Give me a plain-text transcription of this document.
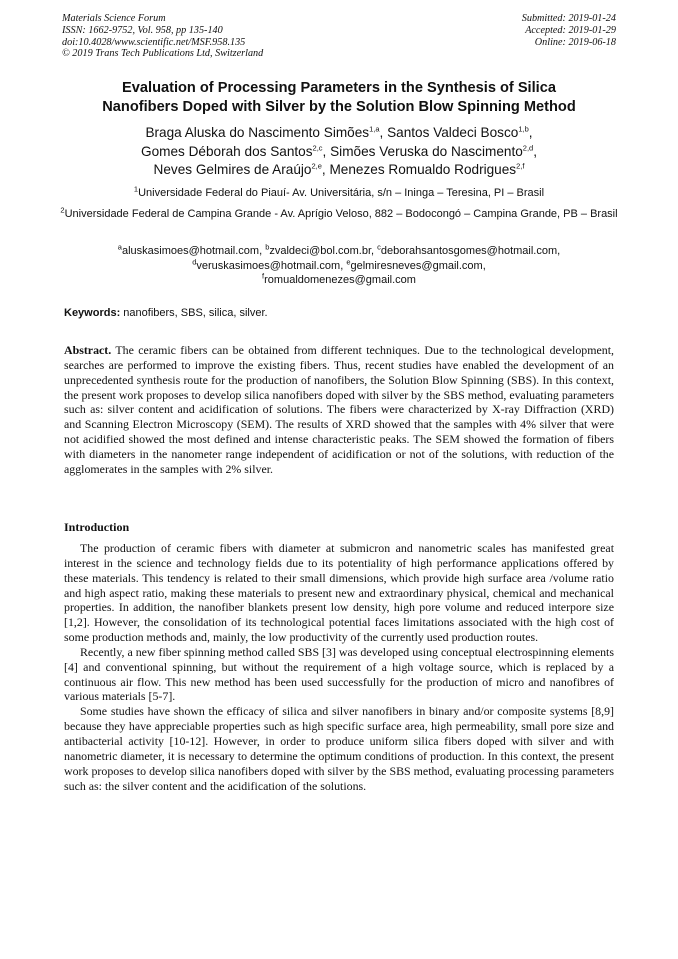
Materials Science Forum
ISSN: 1662-9752, Vol. 958, pp 135-140
doi:10.4028/www.scientific.net/MSF.958.135
© 2019 Trans Tech Publications Ltd, Switzerland
Submitted: 2019-01-24
Accepted: 2019-01-29
Online: 2019-06-18
Evaluation of Processing Parameters in the Synthesis of Silica
Nanofibers Doped with Silver by the Solution Blow Spinning Method
Braga Aluska do Nascimento Simões$^{1,a}$, Santos Valdeci Bosco$^{1,b}$,
Gomes Déborah dos Santos$^{2,c}$, Simões Veruska do Nascimento$^{2,d}$,
Neves Gelmires de Araújo$^{2,e}$, Menezes Romualdo Rodrigues$^{2,f}$
$^1$Universidade Federal do Piauí- Av. Universitária, s/n – Ininga – Teresina, PI – Brasil
$^2$Universidade Federal de Campina Grande - Av. Aprígio Veloso, 882 – Bodocongó – Campina Grande, PB – Brasil
$^a$aluskasimoes@hotmail.com, $^b$zvaldeci@bol.com.br, $^c$deborahsantosgomes@hotmail.com,
$^d$veruskasimoes@hotmail.com, $^e$gelmiresneves@gmail.com,
$^f$romualdomenezes@gmail.com
Keywords: nanofibers, SBS, silica, silver.

Abstract. The ceramic fibers can be obtained from different techniques. Due to the technological development, searches are performed to improve the existing fibers. Thus, recent studies have enabled the development of an unprecedented synthesis route for the production of nanofibers, the Solution Blow Spinning (SBS). In this context, the present work proposes to develop silica nanofibers doped with silver by the SBS method, evaluating parameters such as: silver content and acidification of solutions. The fibers were characterized by X-ray Diffraction (XRD) and Scanning Electron Microscopy (SEM). The results of XRD showed that the samples with 4% silver that were not acidified showed the most defined and intense characteristic peaks. The SEM showed the formation of fibers with diameters in the nanometer range independent of acidification or not of the solutions, with reduction of the agglomerates in the samples with 2% silver.

Introduction

The production of ceramic fibers with diameter at submicron and nanometric scales has manifested great interest in the science and technology fields due to its potentiality of high performance applications offered by these materials. This tendency is related to their small dimensions, which provide high surface area /volume ratio and high aspect ratio, making these materials to present new and extraordinary physical, chemical and mechanical properties. In addition, the nanofiber blankets present low density, high pore volume and reduced interpore size [1,2]. However, the consolidation of its technological potential faces limitations associated with the high cost of some production methods and, mainly, the low productivity of the currently used production routes.

Recently, a new fiber spinning method called SBS [3] was developed using conceptual electrospinning elements [4] and conventional spinning, but without the requirement of a high voltage source, which is replaced by a continuous air flow. This new method has been used successfully for the production of micro and nanofibres of various materials [5-7].

Some studies have shown the efficacy of silica and silver nanofibers in binary and/or composite systems [8,9] because they have appreciable properties such as high specific surface area, high permeability, small pore size and antibacterial activity [10-12]. However, in order to produce uniform silica fibers doped with silver and with nanometric diameter, it is necessary to determine the optimum conditions of production. In this context, the present work proposes to develop silica nanofibers doped with silver by the SBS method, evaluating processing parameters such as: the silver content and the acidification of the solutions.
